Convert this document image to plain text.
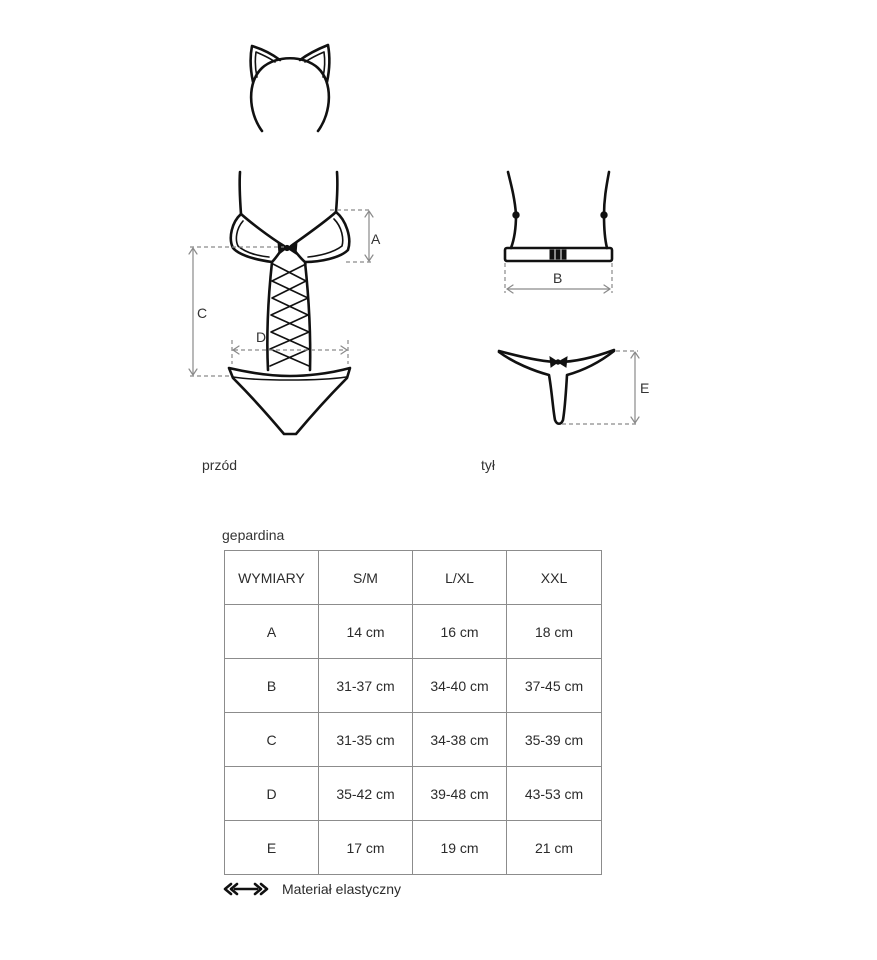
A
C
D
B
E
przód	tył
gepardina
WYMIARY	S/M	L/XL	XXL
A	14 cm	16 cm	18 cm
B	31-37 cm	34-40 cm	37-45 cm
C	31-35 cm	34-38 cm	35-39 cm
D	35-42 cm	39-48 cm	43-53 cm
E	17 cm	19 cm	21 cm
Materiał elastyczny
